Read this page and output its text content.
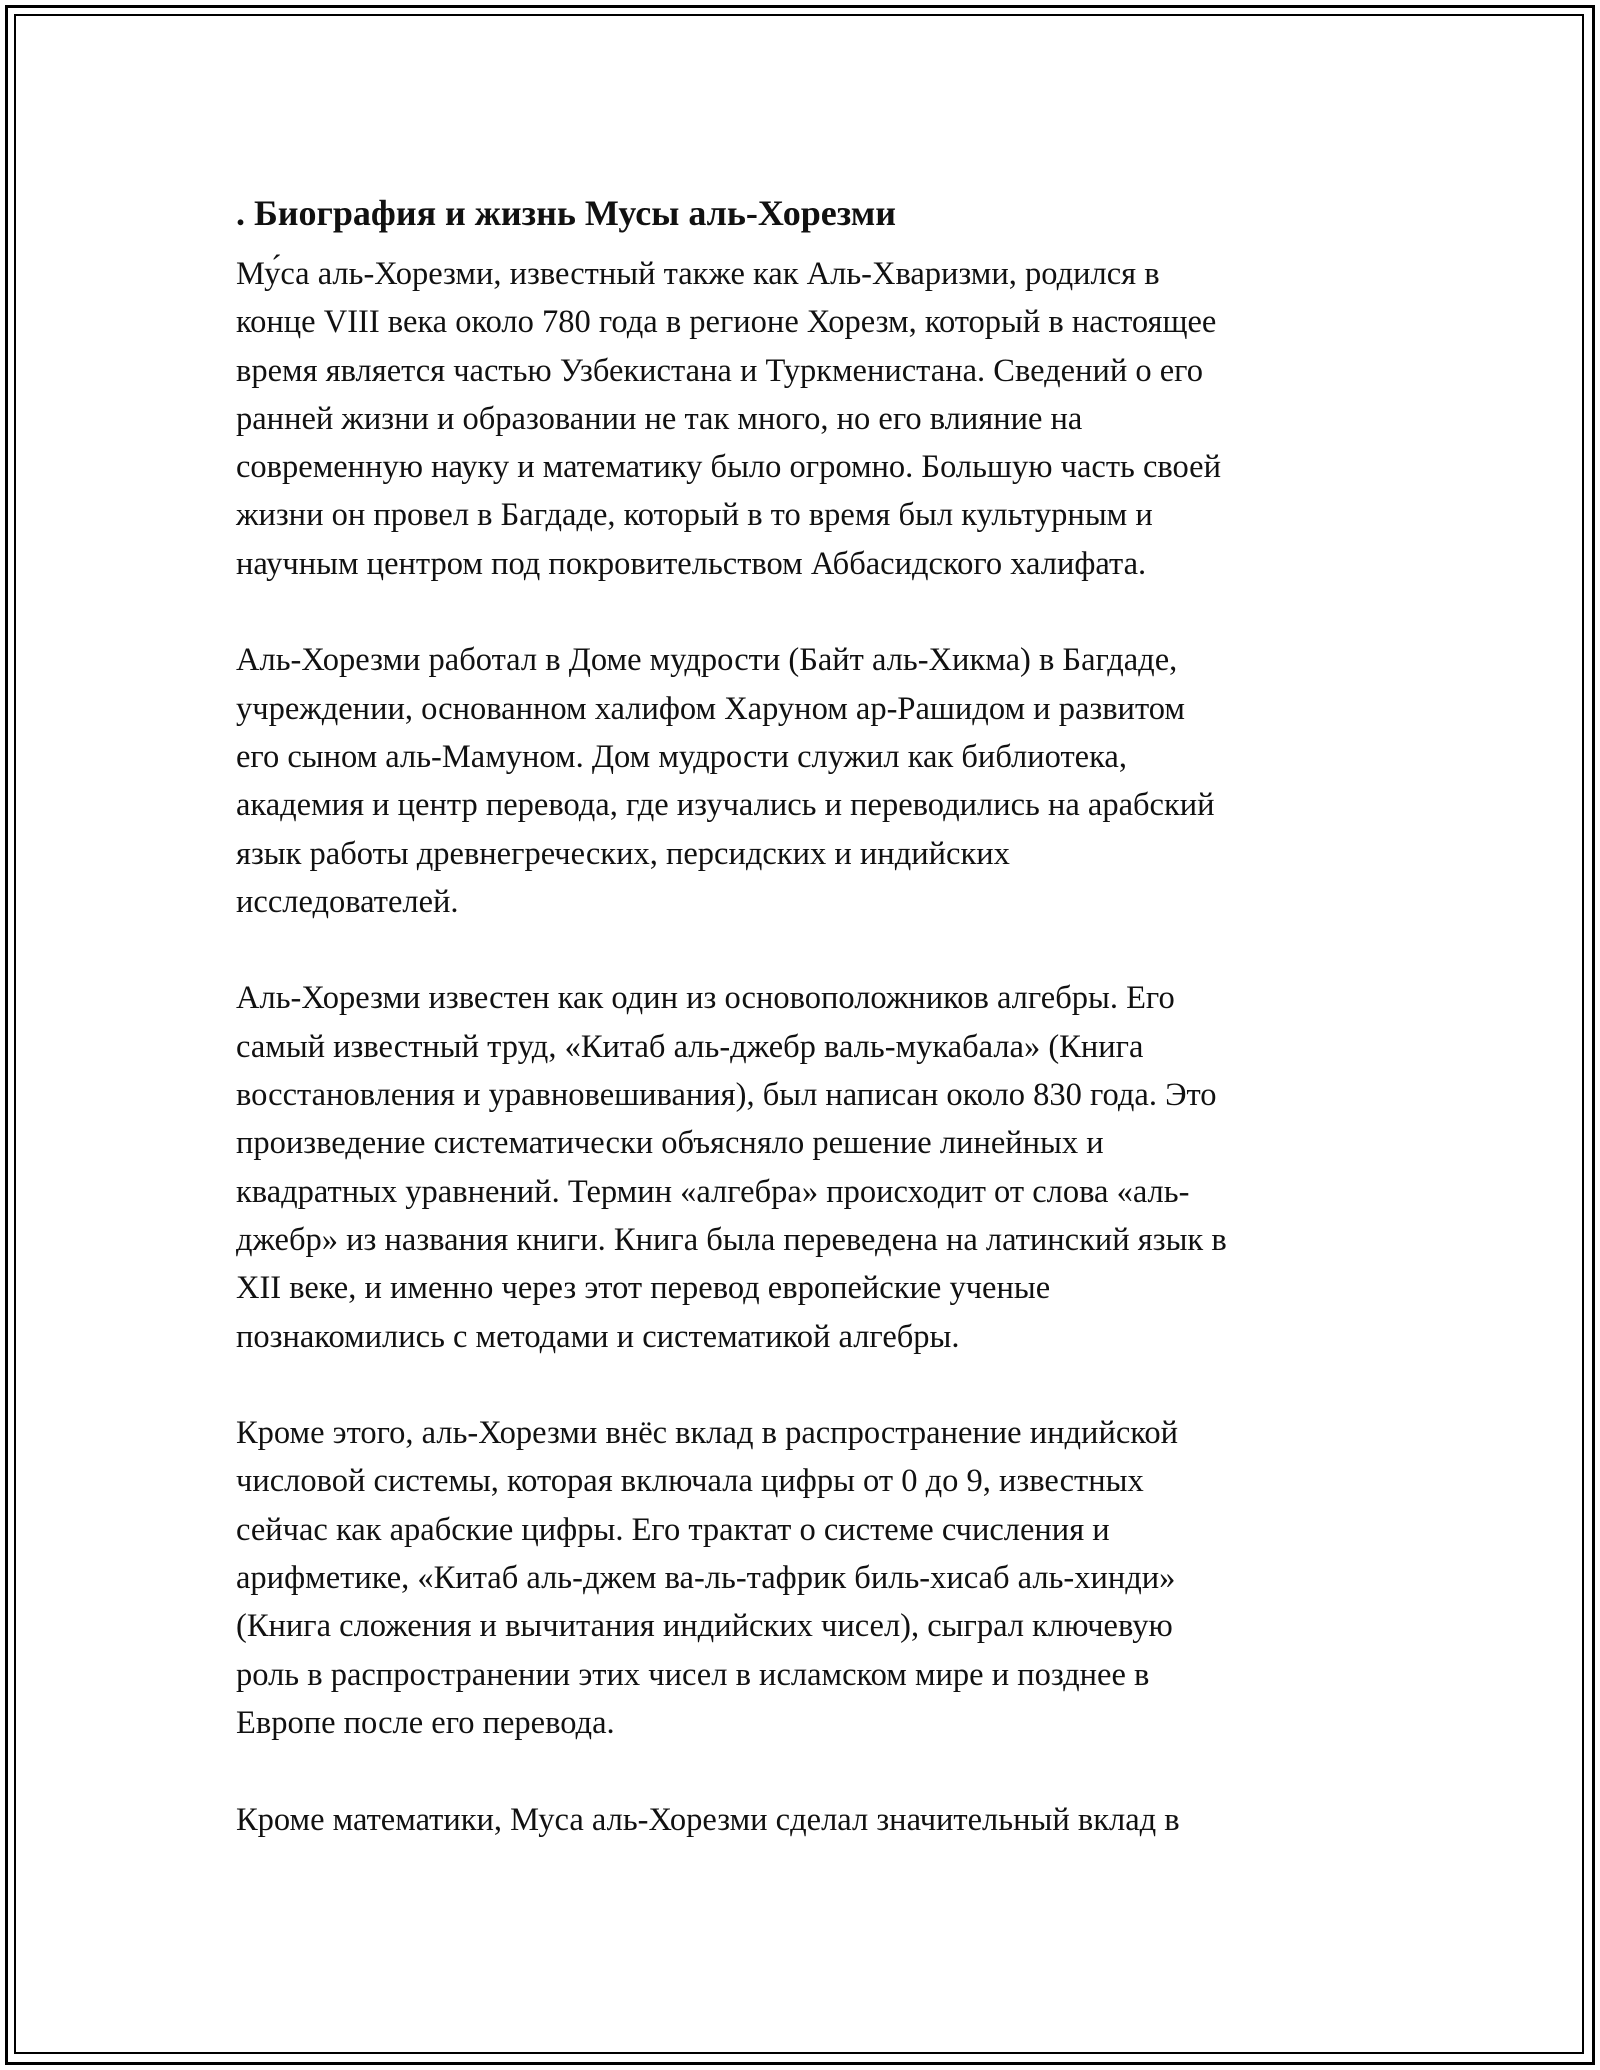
. Биография и жизнь Мусы аль-Хорезми
Му́са аль-Хорезми, известный также как Аль-Хваризми, родился в
конце VIII века около 780 года в регионе Хорезм, который в настоящее
время является частью Узбекистана и Туркменистана. Сведений о его
ранней жизни и образовании не так много, но его влияние на
современную науку и математику было огромно. Большую часть своей
жизни он провел в Багдаде, который в то время был культурным и
научным центром под покровительством Аббасидского халифата.
Аль-Хорезми работал в Доме мудрости (Байт аль-Хикма) в Багдаде,
учреждении, основанном халифом Харуном ар-Рашидом и развитом
его сыном аль-Мамуном. Дом мудрости служил как библиотека,
академия и центр перевода, где изучались и переводились на арабский
язык работы древнегреческих, персидских и индийских
исследователей.
Аль-Хорезми известен как один из основоположников алгебры. Его
самый известный труд, «Китаб аль-джебр валь-мукабала» (Книга
восстановления и уравновешивания), был написан около 830 года. Это
произведение систематически объясняло решение линейных и
квадратных уравнений. Термин «алгебра» происходит от слова «аль-
джебр» из названия книги. Книга была переведена на латинский язык в
XII веке, и именно через этот перевод европейские ученые
познакомились с методами и систематикой алгебры.
Кроме этого, аль-Хорезми внёс вклад в распространение индийской
числовой системы, которая включала цифры от 0 до 9, известных
сейчас как арабские цифры. Его трактат о системе счисления и
арифметике, «Китаб аль-джем ва-ль-тафрик биль-хисаб аль-хинди»
(Книга сложения и вычитания индийских чисел), сыграл ключевую
роль в распространении этих чисел в исламском мире и позднее в
Европе после его перевода.
Кроме математики, Муса аль-Хорезми сделал значительный вклад в
